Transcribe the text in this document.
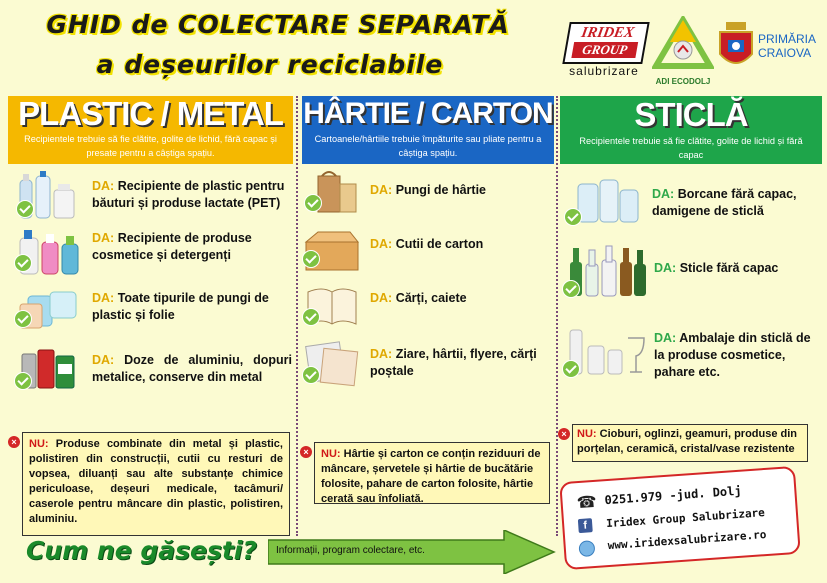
GHID de COLECTARE SEPARATĂ
a deșeurilor reciclabile
IRIDEX
GROUP
salubrizare
ADI ECODOLJ
PRIMĂRIA
CRAIOVA
PLASTIC / METAL
Recipientele trebuie să fie clătite, golite de lichid, fără capac și presate pentru a câștiga spațiu.
HÂRTIE / CARTON
Cartoanele/hârtiile trebuie împăturite sau pliate pentru a câștiga spațiu.
STICLĂ
Recipientele trebuie să fie clătite, golite de lichid și fără capac
DA: Recipiente de plastic pentru băuturi și produse lactate (PET)
DA: Recipiente de produse cosmetice și detergenți
DA: Toate tipurile de pungi de plastic și folie
DA: Doze de aluminiu, dopuri metalice, conserve din metal
×	NU: Produse combinate din metal și plastic, polistiren din construcții, cutii cu resturi de vopsea, diluanți sau alte substanțe chimice periculoase, deșeuri medicale, tacâmuri/ caserole pentru mâncare din plastic, polistiren, aluminiu.
DA: Pungi de hârtie
DA: Cutii de carton
DA: Cărți, caiete
DA: Ziare, hârtii, flyere, cărți poștale
×	NU: Hârtie și carton ce conțin reziduuri de mâncare, șervetele și hârtie de bucătărie folosite, pahare de carton folosite, hârtie cerată sau înfoliată.
DA: Borcane fără capac, damigene de sticlă
DA: Sticle fără capac
DA: Ambalaje din sticlă de la produse cosmetice, pahare etc.
× NU: Cioburi, oglinzi, geamuri, produse din porțelan, ceramică, cristal/vase rezistente
☎ 0251.979 -jud. Dolj
f	Iridex Group Salubrizare
www.iridexsalubrizare.ro
Cum ne găsești? Informații, program colectare, etc.
